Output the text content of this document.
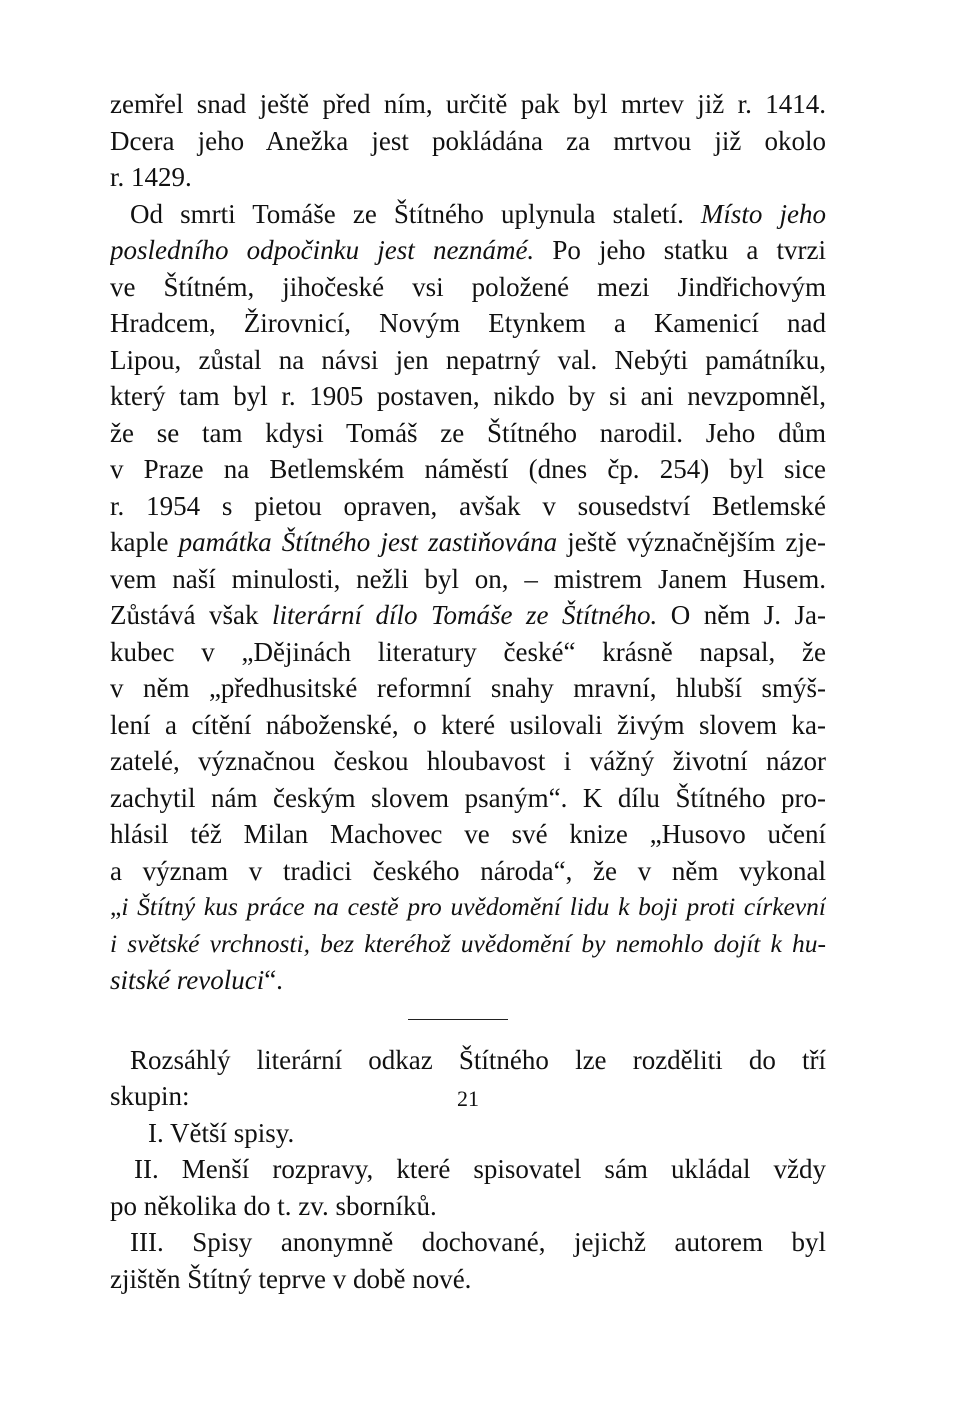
zemřel snad ještě před ním, určitě pak byl mrtev již r. 1414.
Dcera jeho Anežka jest pokládána za mrtvou již okolo
r. 1429.
Od smrti Tomáše ze Štítného uplynula staletí. Místo jeho
posledního odpočinku jest neznámé. Po jeho statku a tvrzi
ve Štítném, jihočeské vsi položené mezi Jindřichovým
Hradcem, Žirovnicí, Novým Etynkem a Kamenicí nad
Lipou, zůstal na návsi jen nepatrný val. Nebýti památníku,
který tam byl r. 1905 postaven, nikdo by si ani nevzpomněl,
že se tam kdysi Tomáš ze Štítného narodil. Jeho dům
v Praze na Betlemském náměstí (dnes čp. 254) byl sice
r. 1954 s pietou opraven, avšak v sousedství Betlemské
kaple památka Štítného jest zastiňována ještě význačnějším zje-
vem naší minulosti, nežli byl on, – mistrem Janem Husem.
Zůstává však literární dílo Tomáše ze Štítného. O něm J. Ja-
kubec v „Dějinách literatury české“ krásně napsal, že
v něm „předhusitské reformní snahy mravní, hlubší smýš-
lení a cítění náboženské, o které usilovali živým slovem ka-
zatelé, význačnou českou hloubavost i vážný životní názor
zachytil nám českým slovem psaným“. K dílu Štítného pro-
hlásil též Milan Machovec ve své knize „Husovo učení
a význam v tradici českého národa“, že v něm vykonal
„i Štítný kus práce na cestě pro uvědomění lidu k boji proti církevní
i světské vrchnosti, bez kteréhož uvědomění by nemohlo dojít k hu-
sitské revoluci“.
Rozsáhlý literární odkaz Štítného lze rozděliti do tří
skupin:
I. Větší spisy.
II. Menší rozpravy, které spisovatel sám ukládal vždy
po několika do t. zv. sborníků.
III. Spisy anonymně dochované, jejichž autorem byl
zjištěn Štítný teprve v době nové.
21
